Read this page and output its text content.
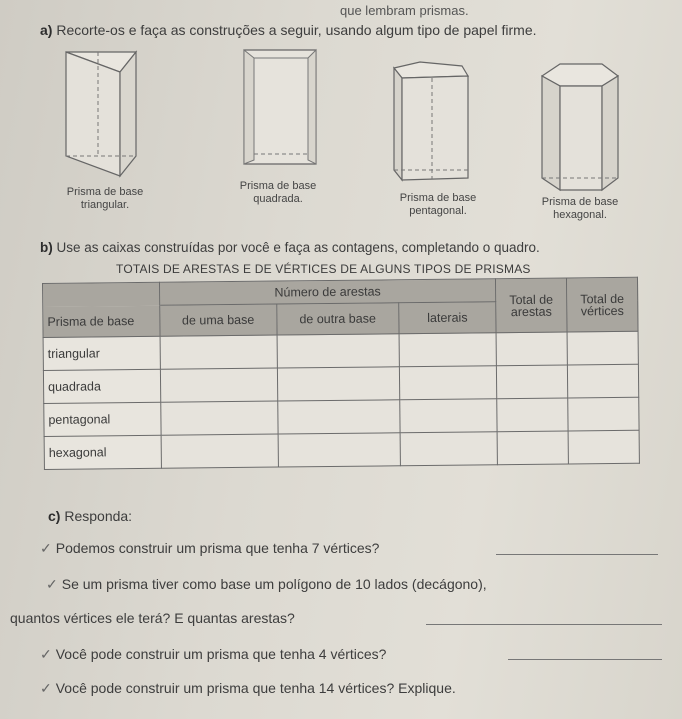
que lembram prismas.
a) Recorte-os e faça as construções a seguir, usando algum tipo de papel firme.
Prisma de base
triangular.
Prisma de base
quadrada.	Prisma de base
pentagonal.
Prisma de base
hexagonal.
b) Use as caixas construídas por você e faça as contagens, completando o quadro.
TOTAIS DE ARESTAS E DE VÉRTICES DE ALGUNS TIPOS DE PRISMAS
	Número de arestas			Total de arestas	Total de vértices
Prisma de base	de uma base	de outra base	laterais		
triangular					
quadrada					
pentagonal					
hexagonal					
c) Responda:
✓ Podemos construir um prisma que tenha 7 vértices?
✓ Se um prisma tiver como base um polígono de 10 lados (decágono),
quantos vértices ele terá? E quantas arestas?
✓ Você pode construir um prisma que tenha 4 vértices?
✓ Você pode construir um prisma que tenha 14 vértices? Explique.
